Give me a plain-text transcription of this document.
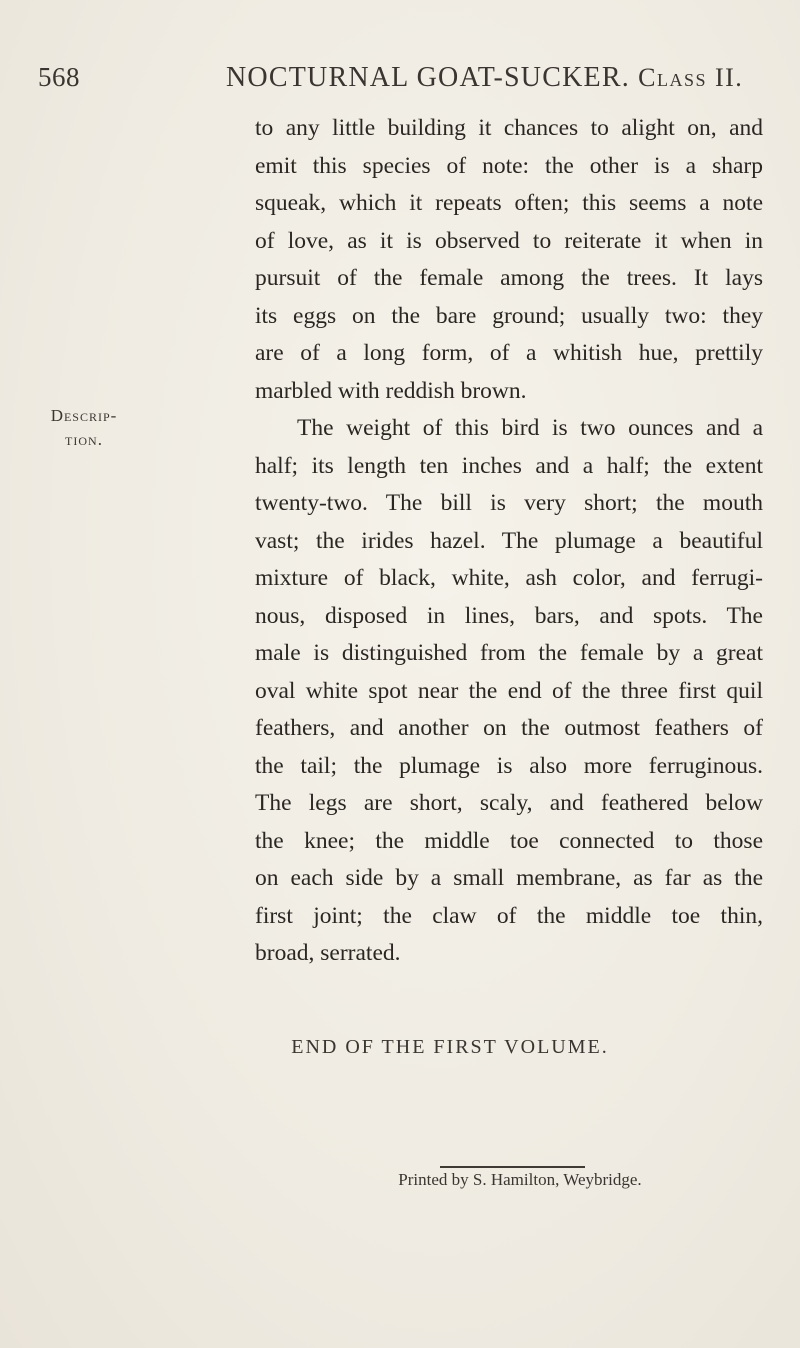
568	NOCTURNAL GOAT-SUCKER. Class II.
Descrip-
tion.
to any little building it chances to alight on, and
emit this species of note: the other is a sharp
squeak, which it repeats often; this seems a note
of love, as it is observed to reiterate it when in
pursuit of the female among the trees. It lays
its eggs on the bare ground; usually two: they
are of a long form, of a whitish hue, prettily
marbled with reddish brown.
The weight of this bird is two ounces and a
half; its length ten inches and a half; the extent
twenty-two. The bill is very short; the mouth
vast; the irides hazel. The plumage a beautiful
mixture of black, white, ash color, and ferrugi-
nous, disposed in lines, bars, and spots. The
male is distinguished from the female by a great
oval white spot near the end of the three first quil
feathers, and another on the outmost feathers of
the tail; the plumage is also more ferruginous.
The legs are short, scaly, and feathered below
the knee; the middle toe connected to those
on each side by a small membrane, as far as the
first joint; the claw of the middle toe thin,
broad, serrated.
END OF THE FIRST VOLUME.
Printed by S. Hamilton, Weybridge.
